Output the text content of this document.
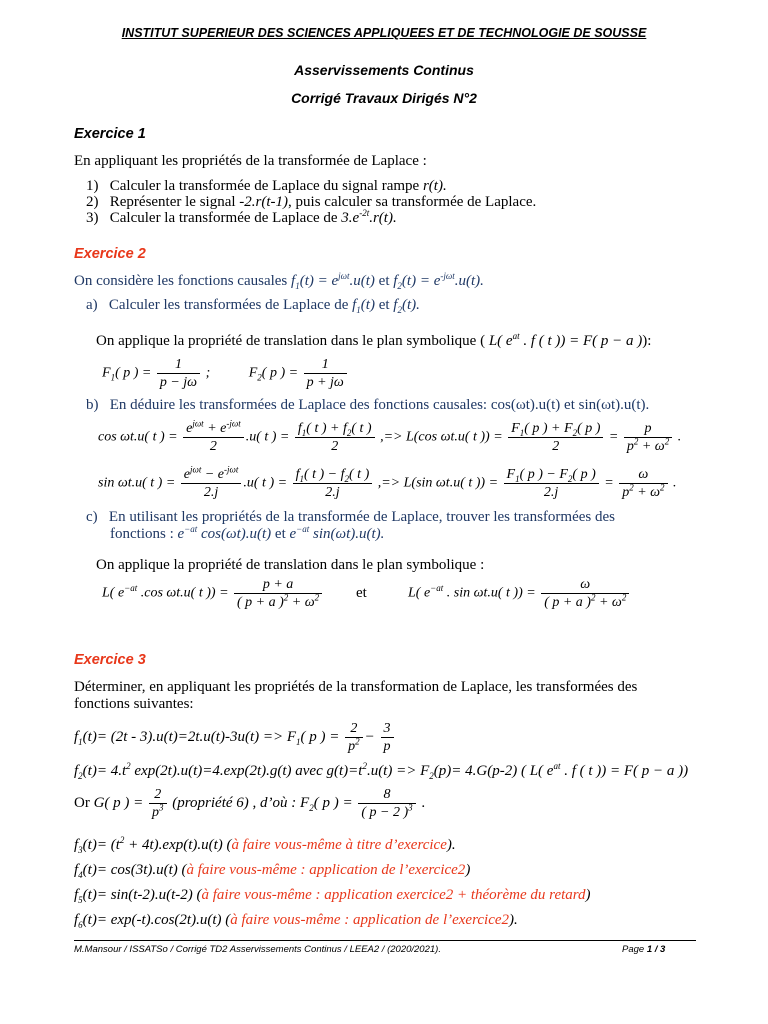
INSTITUT SUPERIEUR DES SCIENCES APPLIQUEES ET DE TECHNOLOGIE DE SOUSSE
Asservissements Continus
Corrigé Travaux Dirigés N°2
Exercice 1
En appliquant les propriétés de la transformée de Laplace :
1) Calculer la transformée de Laplace du signal rampe r(t).
2) Représenter le signal -2.r(t-1), puis calculer sa transformée de Laplace.
3) Calculer la transformée de Laplace de $3.e^{-2t}.r(t)$.
Exercice 2
On considère les fonctions causales $f_1(t) = e^{j\omega t}.u(t)$ et $f_2(t) = e^{-j\omega t}.u(t)$.
a) Calculer les transformées de Laplace de $f_1(t)$ et $f_2(t)$.
On applique la propriété de translation dans le plan symbolique ( L( $e^{at}$ . f ( t )) = F( p − a )):
$F_1$( p ) = $\frac{1}{p - j\omega}$ ;           $F_2$( p ) = $\frac{1}{p + j\omega}$
b) En déduire les transformées de Laplace des fonctions causales: cos(ωt).u(t) et sin(ωt).u(t).
cos ωt.u( t ) = $\frac{e^{j\omega t} + e^{-j\omega t}}{2} .u$( t ) = $\frac{f_1( t ) + f_2( t )}{2}$ ,=> L(cos ωt.u( t )) = $\frac{F_1( p ) + F_2( p )}{2} = \frac{p}{p^2 + \omega^2}$ .
sin ωt.u( t ) = $\frac{e^{j\omega t} - e^{-j\omega t}}{2.j} .u$( t ) = $\frac{f_1( t ) - f_2( t )}{2.j}$ ,=> L(sin ωt.u( t )) = $\frac{F_1( p ) - F_2( p )}{2.j} = \frac{\omega}{p^2 + \omega^2}$ .
c) En utilisant les propriétés de la transformée de Laplace, trouver les transformées des
fonctions : $e^{-at}$ cos(ωt).u(t) et $e^{-at}$ sin(ωt).u(t).
On applique la propriété de translation dans le plan symbolique :
L( $e^{-at}$ .cos ωt.u( t )) = $\frac{p + a}{( p + a )^2 + \omega^2}$ et	L( $e^{-at}$ . sin ωt.u( t )) = $\frac{\omega}{( p + a )^2 + \omega^2}$
Exercice 3
Déterminer, en appliquant les propriétés de la transformation de Laplace, les transformées des
fonctions suivantes:
$f_1(t)= (2t - 3).u(t)=2t.u(t)-3u(t) => F_1$( p ) = $\frac{2}{p^2} - \frac{3}{p}$
$f_2(t)= 4.t^2$ exp(2t).u(t)=4.exp(2t).g(t) avec $g(t)=t^2.u(t) => F_2(p)= 4.G(p-2)$ ( L( $e^{at}$ . f ( t )) = F( p − a ))
Or G( p ) = $\frac{2}{p^3}$ (propriété 6) , d’où : $F_2$( p ) = $\frac{8}{( p - 2 )^3}$ .
$f_3(t)= (t^2 + 4t).\exp(t).u(t)$ (à faire vous-même à titre d’exercice).
$f_4(t)= \cos(3t).u(t)$ (à faire vous-même : application de l’exercice2)
$f_5(t)= \sin(t-2).u(t-2)$ (à faire vous-même : application exercice2 + théorème du retard)
$f_6(t)= \exp(-t).\cos(2t).u(t)$ (à faire vous-même : application de l’exercice2).
M.Mansour / ISSATSo / Corrigé TD2 Asservissements Continus / LEEA2 / (2020/2021).	Page 1 / 3
